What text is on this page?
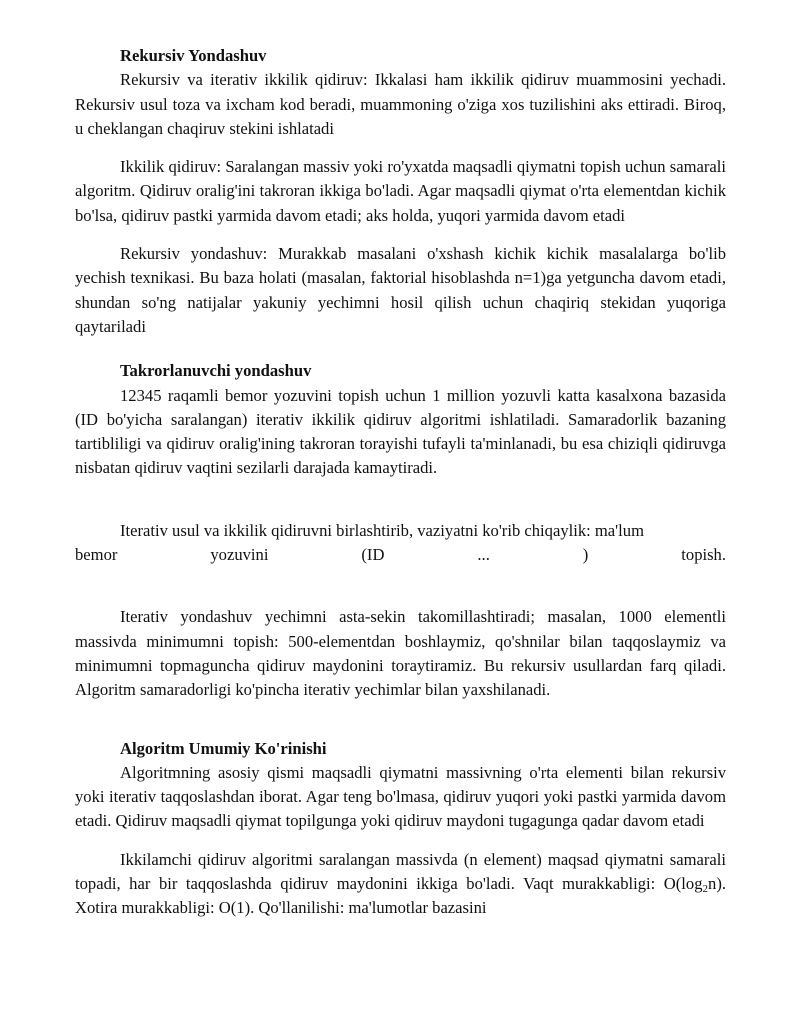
Rekursiv Yondashuv

Rekursiv va iterativ ikkilik qidiruv: Ikkalasi ham ikkilik qidiruv muammosini yechadi. Rekursiv usul toza va ixcham kod beradi, muammoning o'ziga xos tuzilishini aks ettiradi. Biroq, u cheklangan chaqiruv stekini ishlatadi

Ikkilik qidiruv: Saralangan massiv yoki ro'yxatda maqsadli qiymatni topish uchun samarali algoritm. Qidiruv oralig'ini takroran ikkiga bo'ladi. Agar maqsadli qiymat o'rta elementdan kichik bo'lsa, qidiruv pastki yarmida davom etadi; aks holda, yuqori yarmida davom etadi

Rekursiv yondashuv: Murakkab masalani o'xshash kichik kichik masalalarga bo'lib yechish texnikasi. Bu baza holati (masalan, faktorial hisoblashda n=1)ga yetguncha davom etadi, shundan so'ng natijalar yakuniy yechimni hosil qilish uchun chaqiriq stekidan yuqoriga qaytariladi

Takrorlanuvchi yondashuv

12345 raqamli bemor yozuvini topish uchun 1 million yozuvli katta kasalxona bazasida (ID bo'yicha saralangan) iterativ ikkilik qidiruv algoritmi ishlatiladi. Samaradorlik bazaning tartibliligi va qidiruv oralig'ining takroran torayishi tufayli ta'minlanadi, bu esa chiziqli qidiruvga nisbatan qidiruv vaqtini sezilarli darajada kamaytiradi.

Iterativ usul va ikkilik qidiruvni birlashtirib, vaziyatni ko'rib chiqaylik: ma'lum

bemor	yozuvini	(ID	...	)	topish.

Iterativ yondashuv yechimni asta-sekin takomillashtiradi; masalan, 1000 elementli massivda minimumni topish: 500-elementdan boshlaymiz, qo'shnilar bilan taqqoslaymiz va minimumni topmaguncha qidiruv maydonini toraytiramiz. Bu rekursiv usullardan farq qiladi. Algoritm samaradorligi ko'pincha iterativ yechimlar bilan yaxshilanadi.

Algoritm Umumiy Ko'rinishi

Algoritmning asosiy qismi maqsadli qiymatni massivning o'rta elementi bilan rekursiv yoki iterativ taqqoslashdan iborat. Agar teng bo'lmasa, qidiruv yuqori yoki pastki yarmida davom etadi. Qidiruv maqsadli qiymat topilgunga yoki qidiruv maydoni tugagunga qadar davom etadi

Ikkilamchi qidiruv algoritmi saralangan massivda (n element) maqsad qiymatni samarali topadi, har bir taqqoslashda qidiruv maydonini ikkiga bo'ladi. Vaqt murakkabligi: $O(\log_2n)$. Xotira murakkabligi: O(1). Qo'llanilishi: ma'lumotlar bazasini
